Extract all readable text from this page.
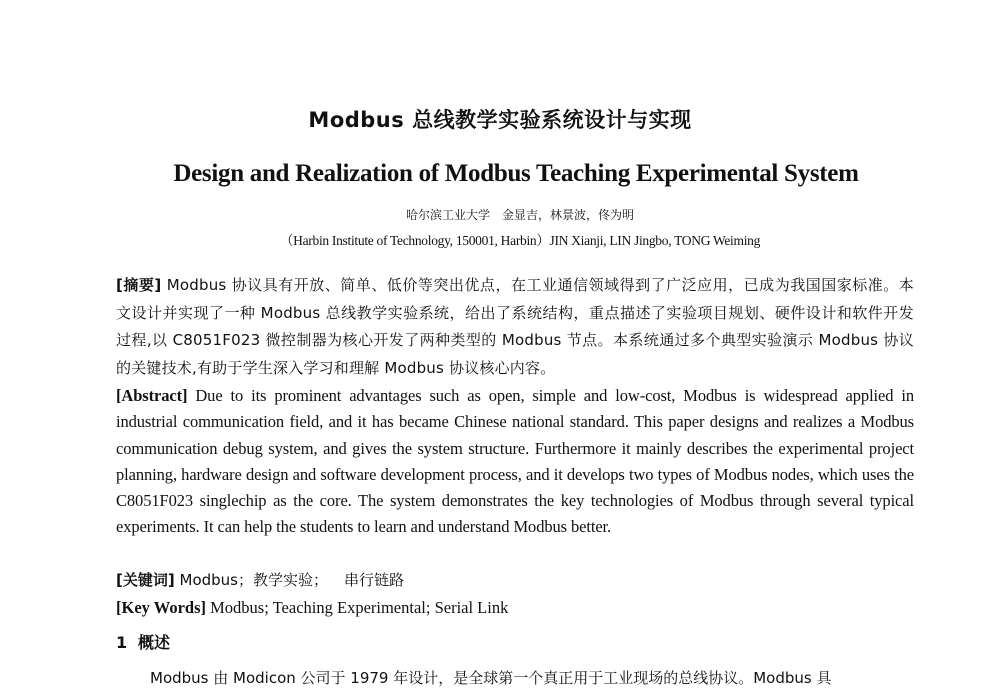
Modbus 总线教学实验系统设计与实现
Design and Realization of Modbus Teaching Experimental System

哈尔滨工业大学 金显吉，林景波，佟为明

（Harbin Institute of Technology, 150001, Harbin）JIN Xianji, LIN Jingbo, TONG Weiming

[摘要] Modbus 协议具有开放、简单、低价等突出优点，在工业通信领域得到了广泛应用，已成为我国国家标准。本文设计并实现了一种 Modbus 总线教学实验系统，给出了系统结构，重点描述了实验项目规划、硬件设计和软件开发过程,以 C8051F023 微控制器为核心开发了两种类型的 Modbus 节点。本系统通过多个典型实验演示 Modbus 协议的关键技术,有助于学生深入学习和理解 Modbus 协议核心内容。

[Abstract] Due to its prominent advantages such as open, simple and low-cost, Modbus is widespread applied in industrial communication field, and it has became Chinese national standard. This paper designs and realizes a Modbus communication debug system, and gives the system structure. Furthermore it mainly describes the experimental project planning, hardware design and software development process, and it develops two types of Modbus nodes, which uses the C8051F023 singlechip as the core. The system demonstrates the key technologies of Modbus through several typical experiments. It can help the students to learn and understand Modbus better.

[关键词] Modbus；教学实验； 串行链路

[Key Words] Modbus; Teaching Experimental; Serial Link

1 概述

Modbus 由 Modicon 公司于 1979 年设计，是全球第一个真正用于工业现场的总线协议。Modbus 具
